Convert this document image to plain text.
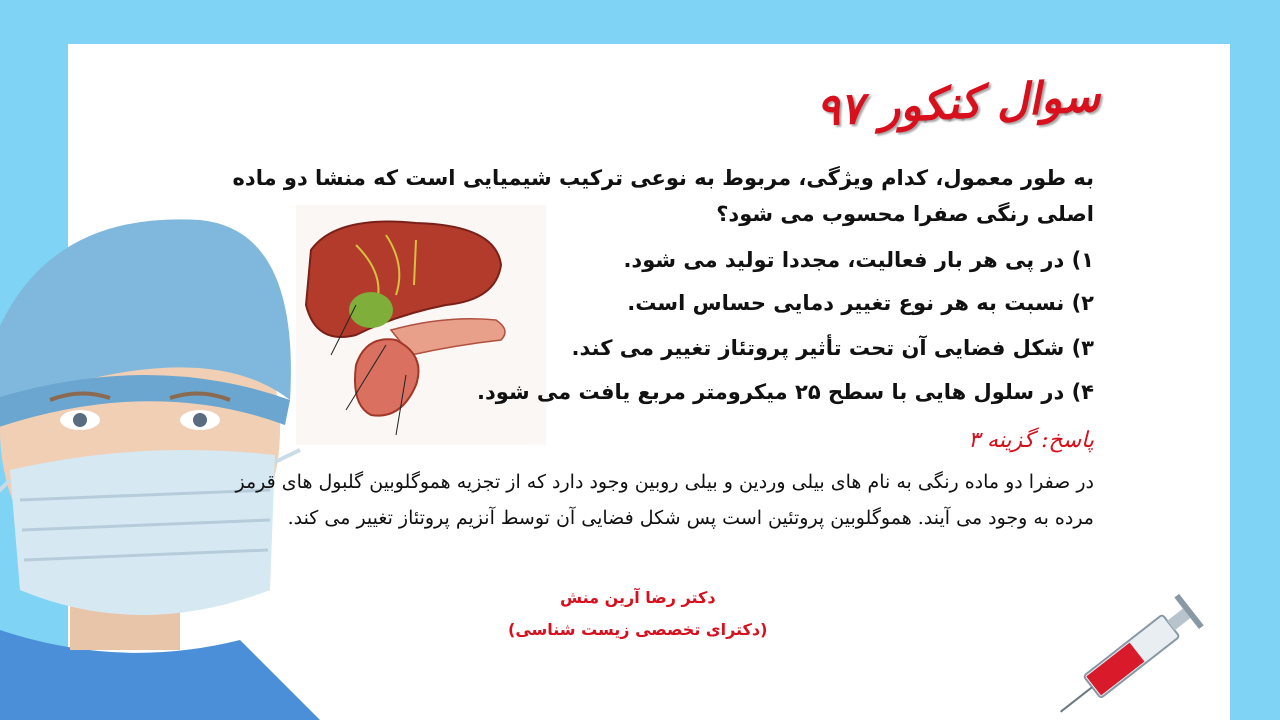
سوال کنکور ۹۷
به طور معمول، کدام ویژگی، مربوط به نوعی ترکیب شیمیایی است که منشا دو ماده اصلی رنگی صفرا محسوب می شود؟
۱) در پی هر بار فعالیت، مجددا تولید می شود.
۲) نسبت به هر نوع تغییر دمایی حساس است.
۳) شکل فضایی آن تحت تأثیر پروتئاز تغییر می کند.
۴) در سلول هایی با سطح ۲۵ میکرومتر مربع یافت می شود.
پاسخ: گزینه ۳
در صفرا دو ماده رنگی به نام های بیلی وردین و بیلی روبین وجود دارد که از تجزیه هموگلوبین گلبول های قرمز مرده به وجود می آیند. هموگلوبین پروتئین است پس شکل فضایی آن توسط آنزیم پروتئاز تغییر می کند.
دکتر رضا آرین منش
(دکترای تخصصی زیست شناسی)
